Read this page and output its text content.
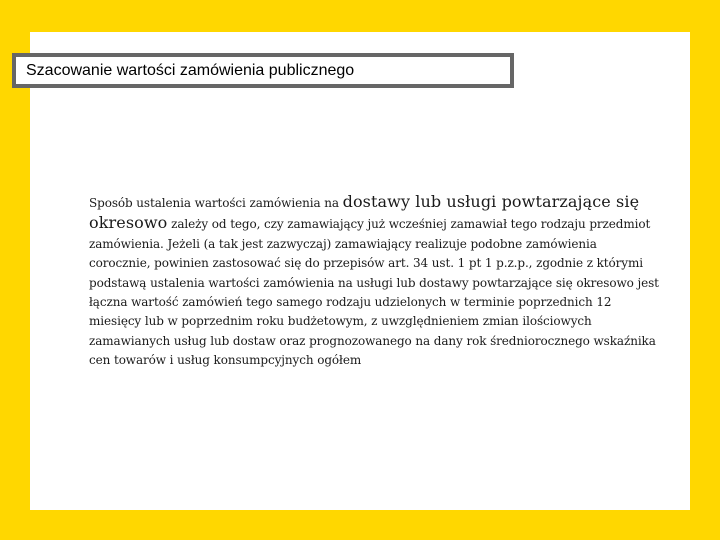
Szacowanie wartości zamówienia publicznego

Sposób ustalenia wartości zamówienia na dostawy lub usługi powtarzające się okresowo zależy od tego, czy zamawiający już wcześniej zamawiał tego rodzaju przedmiot zamówienia. Jeżeli (a tak jest zazwyczaj) zamawiający realizuje podobne zamówienia corocznie, powinien zastosować się do przepisów art. 34 ust. 1 pt 1 p.z.p., zgodnie z którymi podstawą ustalenia wartości zamówienia na usługi lub dostawy powtarzające się okresowo jest łączna wartość zamówień tego samego rodzaju udzielonych w terminie poprzednich 12 miesięcy lub w poprzednim roku budżetowym, z uwzględnieniem zmian ilościowych zamawianych usług lub dostaw oraz prognozowanego na dany rok średniorocznego wskaźnika cen towarów i usług konsumpcyjnych ogółem
